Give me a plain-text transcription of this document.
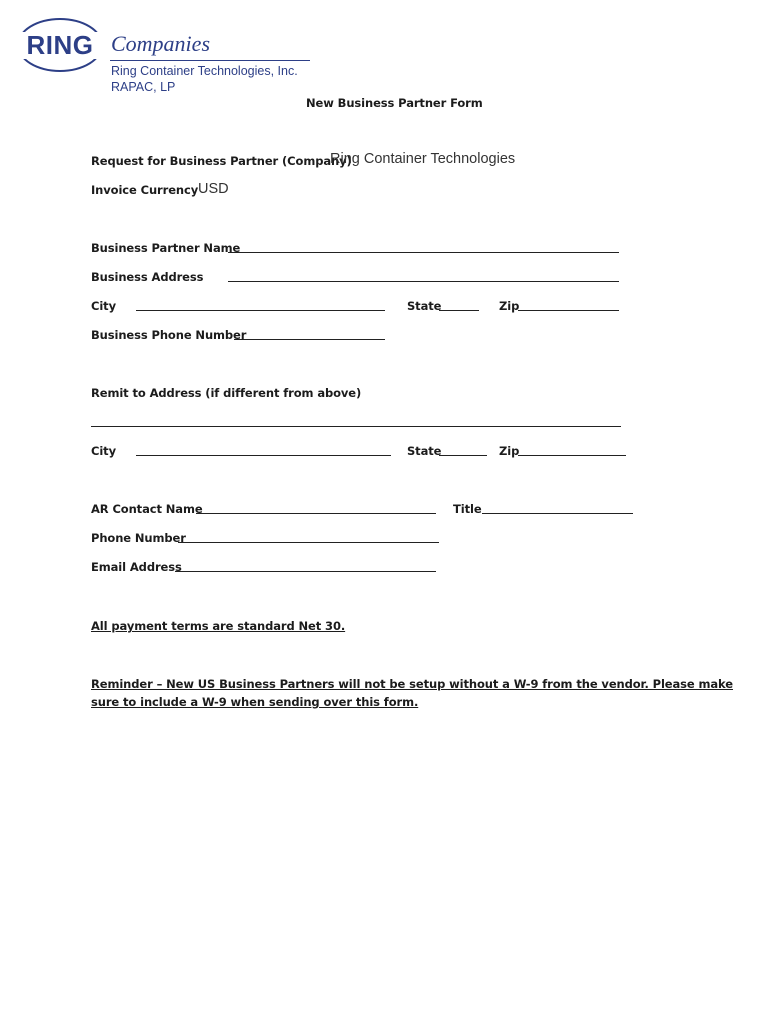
RING Companies
Ring Container Technologies, Inc.
RAPAC, LP
New Business Partner Form
Request for Business Partner (Company)
Ring Container Technologies
Invoice Currency USD
Business Partner Name
Business Address
City	State	Zip
Business Phone Number
Remit to Address (if different from above)
City	State	Zip
AR Contact Name	Title
Phone Number
Email Address
All payment terms are standard Net 30.
Reminder – New US Business Partners will not be setup without a W-9 from the vendor. Please make
sure to include a W-9 when sending over this form.
